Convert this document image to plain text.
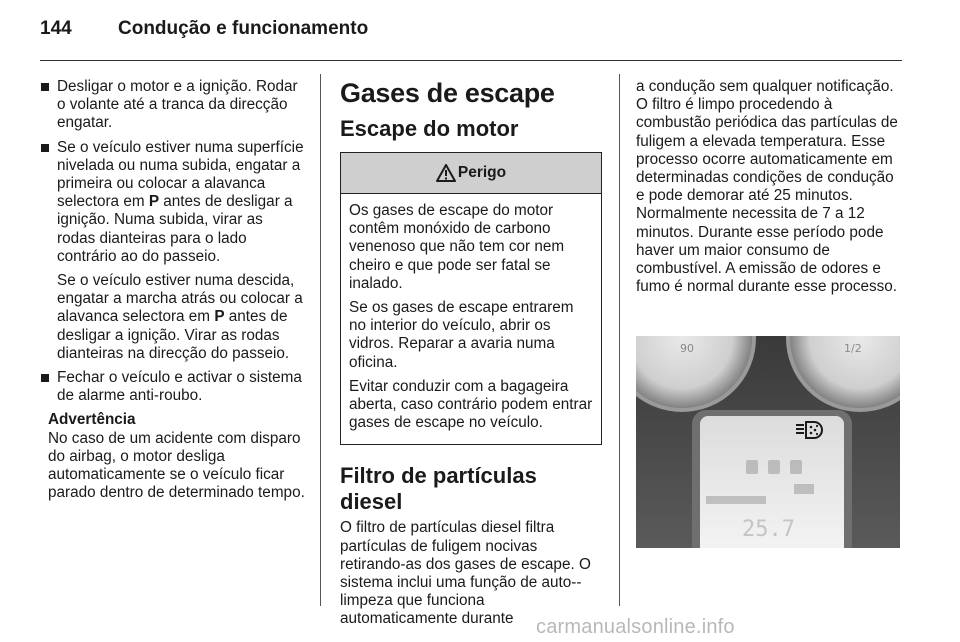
144 Condução e funcionamento

Desligar o motor e a ignição. Rodar o volante até a tranca da direcção engatar.

Se o veículo estiver numa superfície nivelada ou numa subida, engatar a primeira ou colocar a alavanca selectora em P antes de desligar a ignição. Numa subida, virar as rodas dianteiras para o lado contrário ao do passeio.

Se o veículo estiver numa descida, engatar a marcha atrás ou colocar a alavanca selectora em P antes de desligar a ignição. Virar as rodas dianteiras na direcção do passeio.

Fechar o veículo e activar o sistema de alarme anti-roubo.

Advertência

No caso de um acidente com disparo do airbag, o motor desliga automaticamente se o veículo ficar parado dentro de determinado tempo.

Gases de escape
Escape do motor
Perigo

Os gases de escape do motor contêm monóxido de carbono venenoso que não tem cor nem cheiro e que pode ser fatal se inalado.

Se os gases de escape entrarem no interior do veículo, abrir os vidros. Reparar a avaria numa oficina.

Evitar conduzir com a bagageira aberta, caso contrário podem entrar gases de escape no veículo.

Filtro de partículas diesel

O filtro de partículas diesel filtra partículas de fuligem nocivas retirando-as dos gases de escape. O sistema inclui uma função de auto--limpeza que funciona automaticamente durante

a condução sem qualquer notificação. O filtro é limpo procedendo à combustão periódica das partículas de fuligem a elevada temperatura. Esse processo ocorre automaticamente em determinadas condições de condução e pode demorar até 25 minutos. Normalmente necessita de 7 a 12 minutos. Durante esse período pode haver um maior consumo de combustível. A emissão de odores e fumo é normal durante esse processo.

90	1/2
25.7
carmanualsonline.info
